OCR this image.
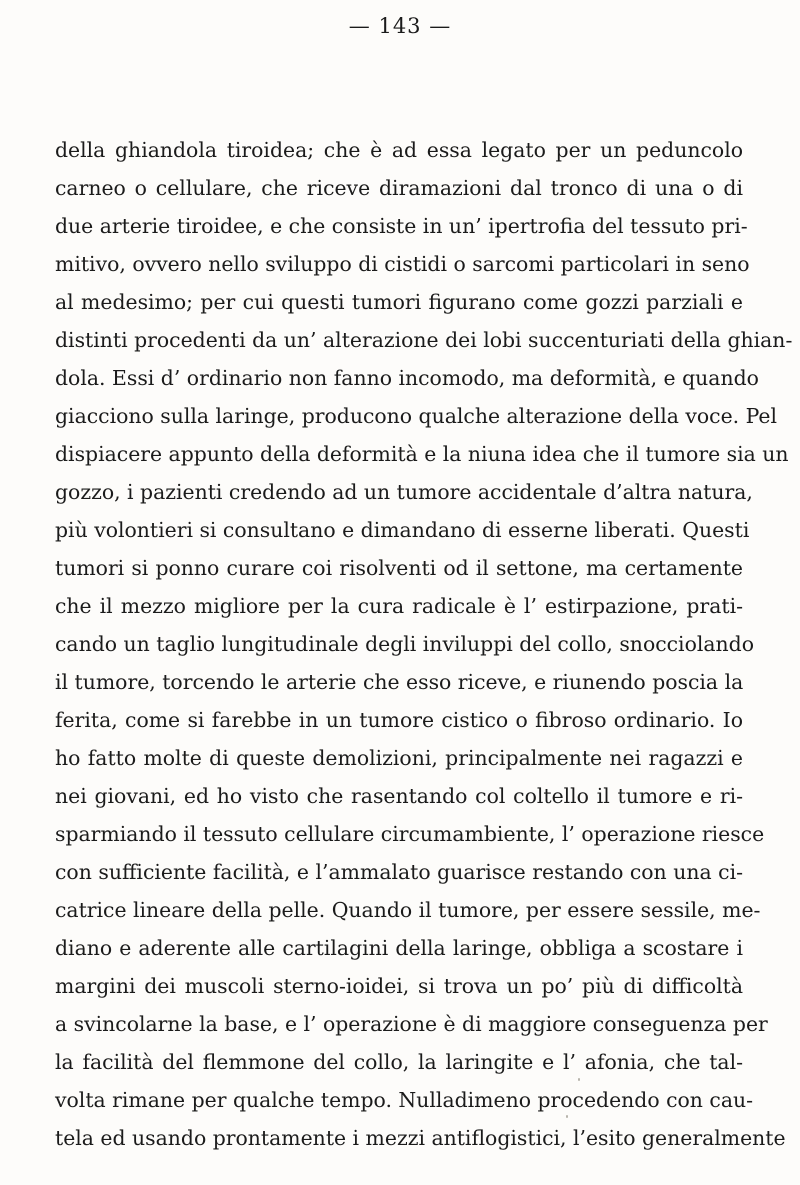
— 143 —
della ghiandola tiroidea; che è ad essa legato per un peduncolo
carneo o cellulare, che riceve diramazioni dal tronco di una o di
due arterie tiroidee, e che consiste in un’ ipertrofia del tessuto pri-
mitivo, ovvero nello sviluppo di cistidi o sarcomi particolari in seno
al medesimo; per cui questi tumori figurano come gozzi parziali e
distinti procedenti da un’ alterazione dei lobi succenturiati della ghian-
dola. Essi d’ ordinario non fanno incomodo, ma deformità, e quando
giacciono sulla laringe, producono qualche alterazione della voce. Pel
dispiacere appunto della deformità e la niuna idea che il tumore sia un
gozzo, i pazienti credendo ad un tumore accidentale d’altra natura,
più volontieri si consultano e dimandano di esserne liberati. Questi
tumori si ponno curare coi risolventi od il settone, ma certamente
che il mezzo migliore per la cura radicale è l’ estirpazione, prati-
cando un taglio lungitudinale degli inviluppi del collo, snocciolando
il tumore, torcendo le arterie che esso riceve, e riunendo poscia la
ferita, come si farebbe in un tumore cistico o fibroso ordinario. Io
ho fatto molte di queste demolizioni, principalmente nei ragazzi e
nei giovani, ed ho visto che rasentando col coltello il tumore e ri-
sparmiando il tessuto cellulare circumambiente, l’ operazione riesce
con sufficiente facilità, e l’ammalato guarisce restando con una ci-
catrice lineare della pelle. Quando il tumore, per essere sessile, me-
diano e aderente alle cartilagini della laringe, obbliga a scostare i
margini dei muscoli sterno-ioidei, si trova un po’ più di difficoltà
a svincolarne la base, e l’ operazione è di maggiore conseguenza per
la facilità del flemmone del collo, la laringite e l’ afonia, che tal-
volta rimane per qualche tempo. Nulladimeno procedendo con cau-
tela ed usando prontamente i mezzi antiflogistici, l’esito generalmente
